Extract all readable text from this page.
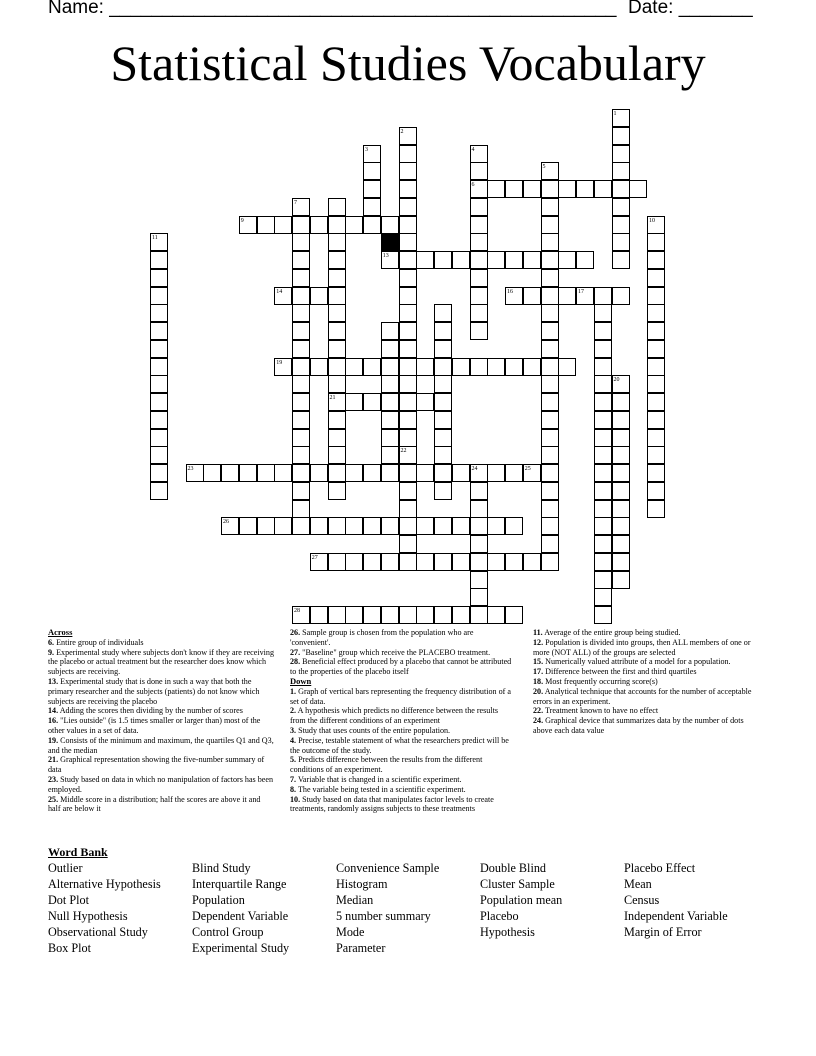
Name: ________________________________________________ Date: _______
Statistical Studies Vocabulary
1
2
22
3	4
6
5
7
21
10
11
20
24
9
13
14	16	17
19
23	25
26
27
28
Across
6. Entire group of individuals
9. Experimental study where subjects don't know if they are receiving the placebo or actual treatment but the researcher does know which subjects are receiving.
13. Experimental study that is done in such a way that both the primary researcher and the subjects (patients) do not know which subjects are receiving the placebo
14. Adding the scores then dividing by the number of scores
16. "Lies outside" (is 1.5 times smaller or larger than) most of the other values in a set of data.
19. Consists of the minimum and maximum, the quartiles Q1 and Q3, and the median
21. Graphical representation showing the five-number summary of data
23. Study based on data in which no manipulation of factors has been employed.
25. Middle score in a distribution; half the scores are above it and half are below it
26. Sample group is chosen from the population who are 'convenient'.
27. "Baseline" group which receive the PLACEBO treatment.
28. Beneficial effect produced by a placebo that cannot be attributed to the properties of the placebo itself
Down
1. Graph of vertical bars representing the frequency distribution of a set of data.
2. A hypothesis which predicts no difference between the results from the different conditions of an experiment
3. Study that uses counts of the entire population.
4. Precise, testable statement of what the researchers predict will be the outcome of the study.
5. Predicts difference between the results from the different conditions of an experiment.
7. Variable that is changed in a scientific experiment.
8. The variable being tested in a scientific experiment.
10. Study based on data that manipulates factor levels to create treatments, randomly assigns subjects to these treatments
11. Average of the entire group being studied.
12. Population is divided into groups, then ALL members of one or more (NOT ALL) of the groups are selected
15. Numerically valued attribute of a model for a population.
17. Difference between the first and third quartiles
18. Most frequently occurring score(s)
20. Analytical technique that accounts for the number of acceptable errors in an experiment.
22. Treatment known to have no effect
24. Graphical device that summarizes data by the number of dots above each data value
Word Bank
Outlier
Alternative Hypothesis
Dot Plot
Null Hypothesis
Observational Study
Box Plot
Blind Study
Interquartile Range
Population
Dependent Variable
Control Group
Experimental Study
Convenience Sample
Histogram
Median
5 number summary
Mode
Parameter
Double Blind
Cluster Sample
Population mean
Placebo
Hypothesis
Placebo Effect
Mean
Census
Independent Variable
Margin of Error
